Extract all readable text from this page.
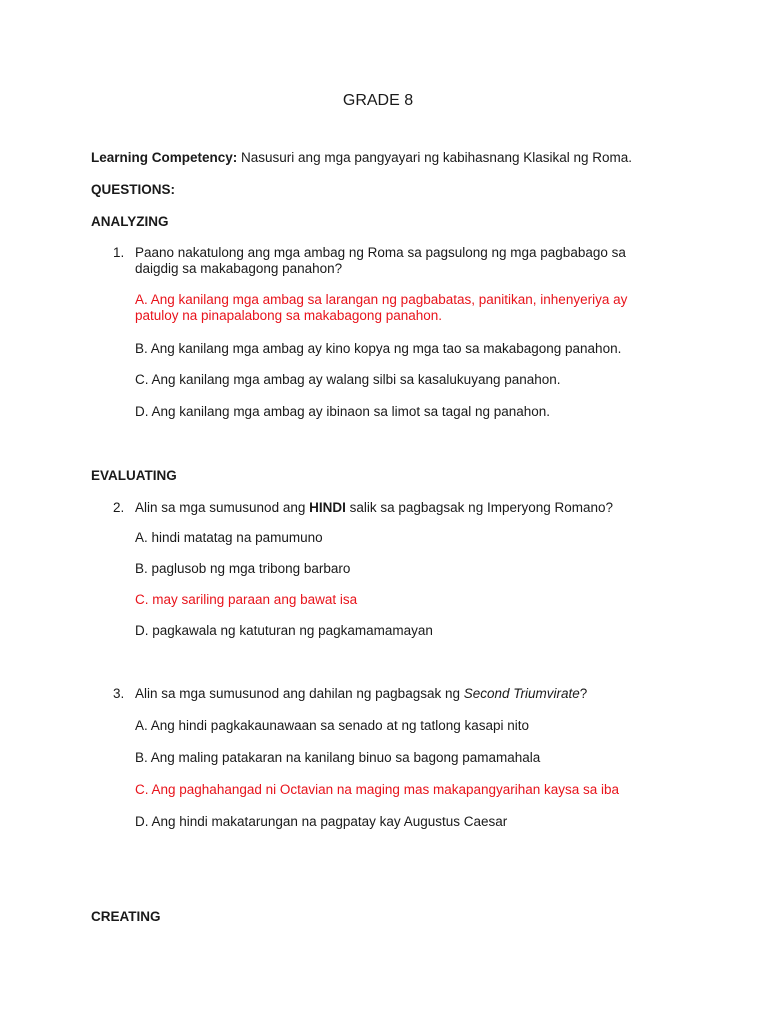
GRADE 8
Learning Competency: Nasusuri ang mga pangyayari ng kabihasnang Klasikal ng Roma.
QUESTIONS:
ANALYZING
1. Paano nakatulong ang mga ambag ng Roma sa pagsulong ng mga pagbabago sa
daigdig sa makabagong panahon?
A. Ang kanilang mga ambag sa larangan ng pagbabatas, panitikan, inhenyeriya ay
patuloy na pinapalabong sa makabagong panahon.
B. Ang kanilang mga ambag ay kino kopya ng mga tao sa makabagong panahon.
C. Ang kanilang mga ambag ay walang silbi sa kasalukuyang panahon.
D. Ang kanilang mga ambag ay ibinaon sa limot sa tagal ng panahon.
EVALUATING
2. Alin sa mga sumusunod ang HINDI salik sa pagbagsak ng Imperyong Romano?
A. hindi matatag na pamumuno
B. paglusob ng mga tribong barbaro
C. may sariling paraan ang bawat isa
D. pagkawala ng katuturan ng pagkamamamayan
3. Alin sa mga sumusunod ang dahilan ng pagbagsak ng Second Triumvirate?
A. Ang hindi pagkakaunawaan sa senado at ng tatlong kasapi nito
B. Ang maling patakaran na kanilang binuo sa bagong pamamahala
C. Ang paghahangad ni Octavian na maging mas makapangyarihan kaysa sa iba
D. Ang hindi makatarungan na pagpatay kay Augustus Caesar
CREATING
